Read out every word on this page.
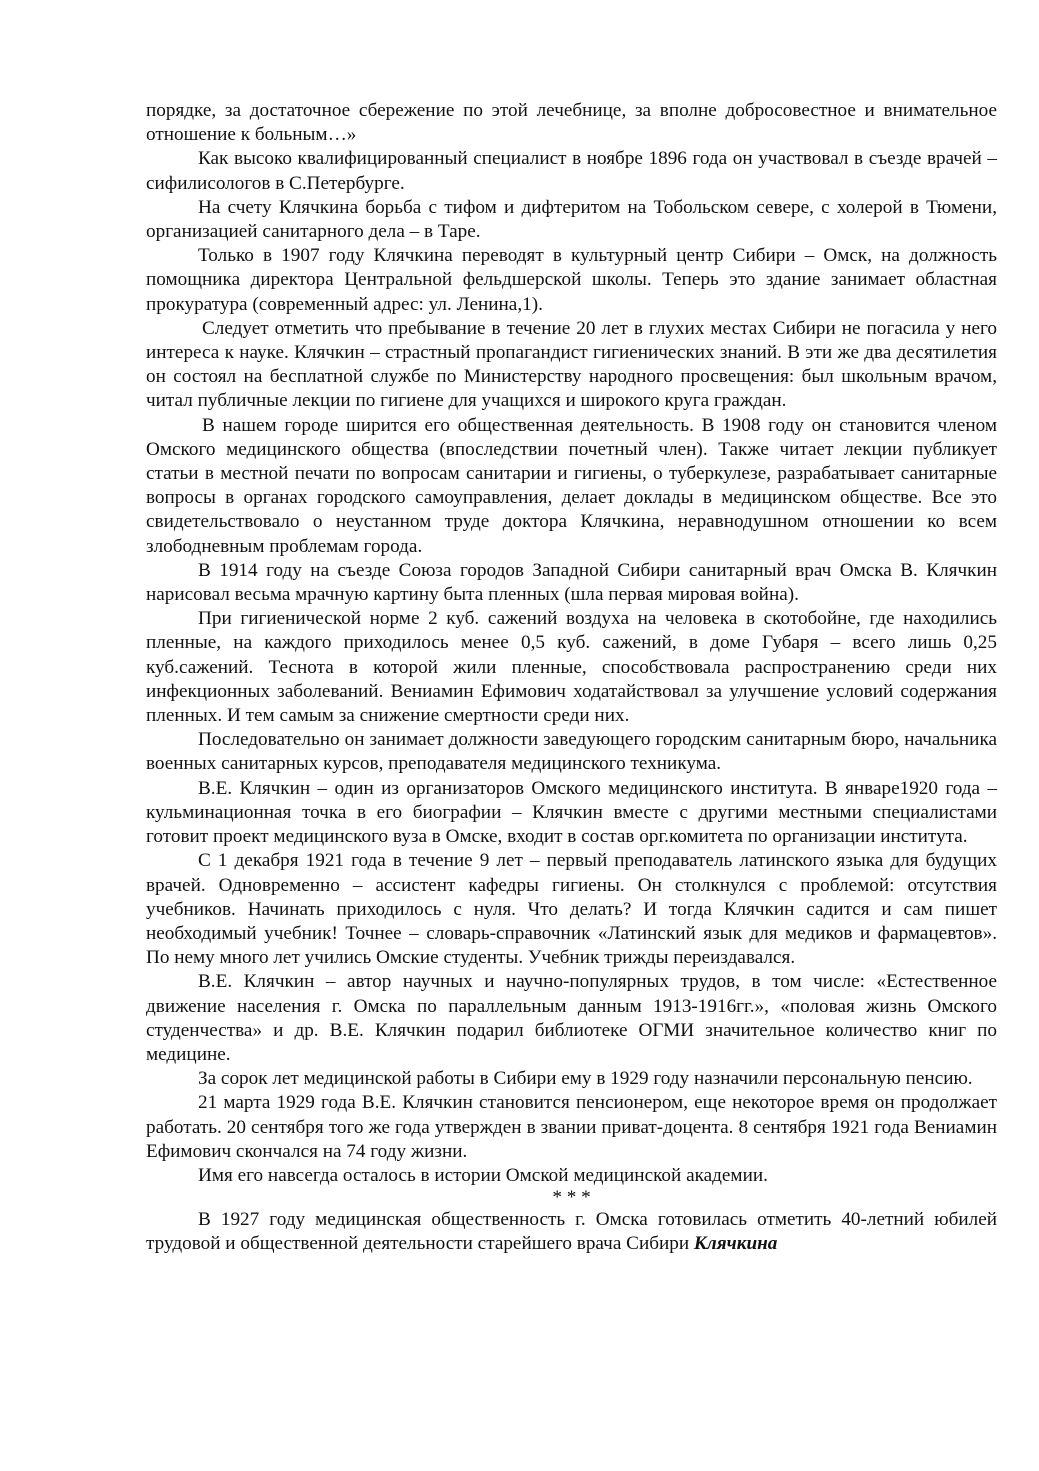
порядке, за достаточное сбережение по этой лечебнице, за вполне добросовестное и внимательное отношение к больным…»

Как высоко квалифицированный специалист в ноябре 1896 года он участвовал в съезде врачей – сифилисологов в С.Петербурге.

На счету Клячкина борьба с тифом и дифтеритом на Тобольском севере, с холерой в Тюмени, организацией санитарного дела – в Таре.

Только в 1907 году Клячкина переводят в культурный центр Сибири – Омск, на должность помощника директора Центральной фельдшерской школы. Теперь это здание занимает областная прокуратура (современный адрес: ул. Ленина,1).

Следует отметить что пребывание в течение 20 лет в глухих местах Сибири не погасила у него интереса к науке. Клячкин – страстный пропагандист гигиенических знаний. В эти же два десятилетия он состоял на бесплатной службе по Министерству народного просвещения: был школьным врачом, читал публичные лекции по гигиене для учащихся и широкого круга граждан.

В нашем городе ширится его общественная деятельность. В 1908 году он становится членом Омского медицинского общества (впоследствии почетный член). Также читает лекции публикует статьи в местной печати по вопросам санитарии и гигиены, о туберкулезе, разрабатывает санитарные вопросы в органах городского самоуправления, делает доклады в медицинском обществе. Все это свидетельствовало о неустанном труде доктора Клячкина, неравнодушном отношении ко всем злободневным проблемам города.

В 1914 году на съезде Союза городов Западной Сибири санитарный врач Омска В. Клячкин нарисовал весьма мрачную картину быта пленных (шла первая мировая война).

При гигиенической норме 2 куб. сажений воздуха на человека в скотобойне, где находились пленные, на каждого приходилось менее 0,5 куб. сажений, в доме Губаря – всего лишь 0,25 куб.сажений. Теснота в которой жили пленные, способствовала распространению среди них инфекционных заболеваний. Вениамин Ефимович ходатайствовал за улучшение условий содержания пленных. И тем самым за снижение смертности среди них.

Последовательно он занимает должности заведующего городским санитарным бюро, начальника военных санитарных курсов, преподавателя медицинского техникума.

В.Е. Клячкин – один из организаторов Омского медицинского института. В январе1920 года – кульминационная точка в его биографии – Клячкин вместе с другими местными специалистами готовит проект медицинского вуза в Омске, входит в состав орг.комитета по организации института.

С 1 декабря 1921 года в течение 9 лет – первый преподаватель латинского языка для будущих врачей. Одновременно – ассистент кафедры гигиены. Он столкнулся с проблемой: отсутствия учебников. Начинать приходилось с нуля. Что делать? И тогда Клячкин садится и сам пишет необходимый учебник! Точнее – словарь-справочник «Латинский язык для медиков и фармацевтов». По нему много лет учились Омские студенты. Учебник трижды переиздавался.

В.Е. Клячкин – автор научных и научно-популярных трудов, в том числе: «Естественное движение населения г. Омска по параллельным данным 1913-1916гг.», «половая жизнь Омского студенчества» и др. В.Е. Клячкин подарил библиотеке ОГМИ значительное количество книг по медицине.

За сорок лет медицинской работы в Сибири ему в 1929 году назначили персональную пенсию.

21 марта 1929 года В.Е. Клячкин становится пенсионером, еще некоторое время он продолжает работать. 20 сентября того же года утвержден в звании приват-доцента. 8 сентября 1921 года Вениамин Ефимович скончался на 74 году жизни.

Имя его навсегда осталось в истории Омской медицинской академии.

* * *

В 1927 году медицинская общественность г. Омска готовилась отметить 40-летний юбилей трудовой и общественной деятельности старейшего врача Сибири Клячкина
